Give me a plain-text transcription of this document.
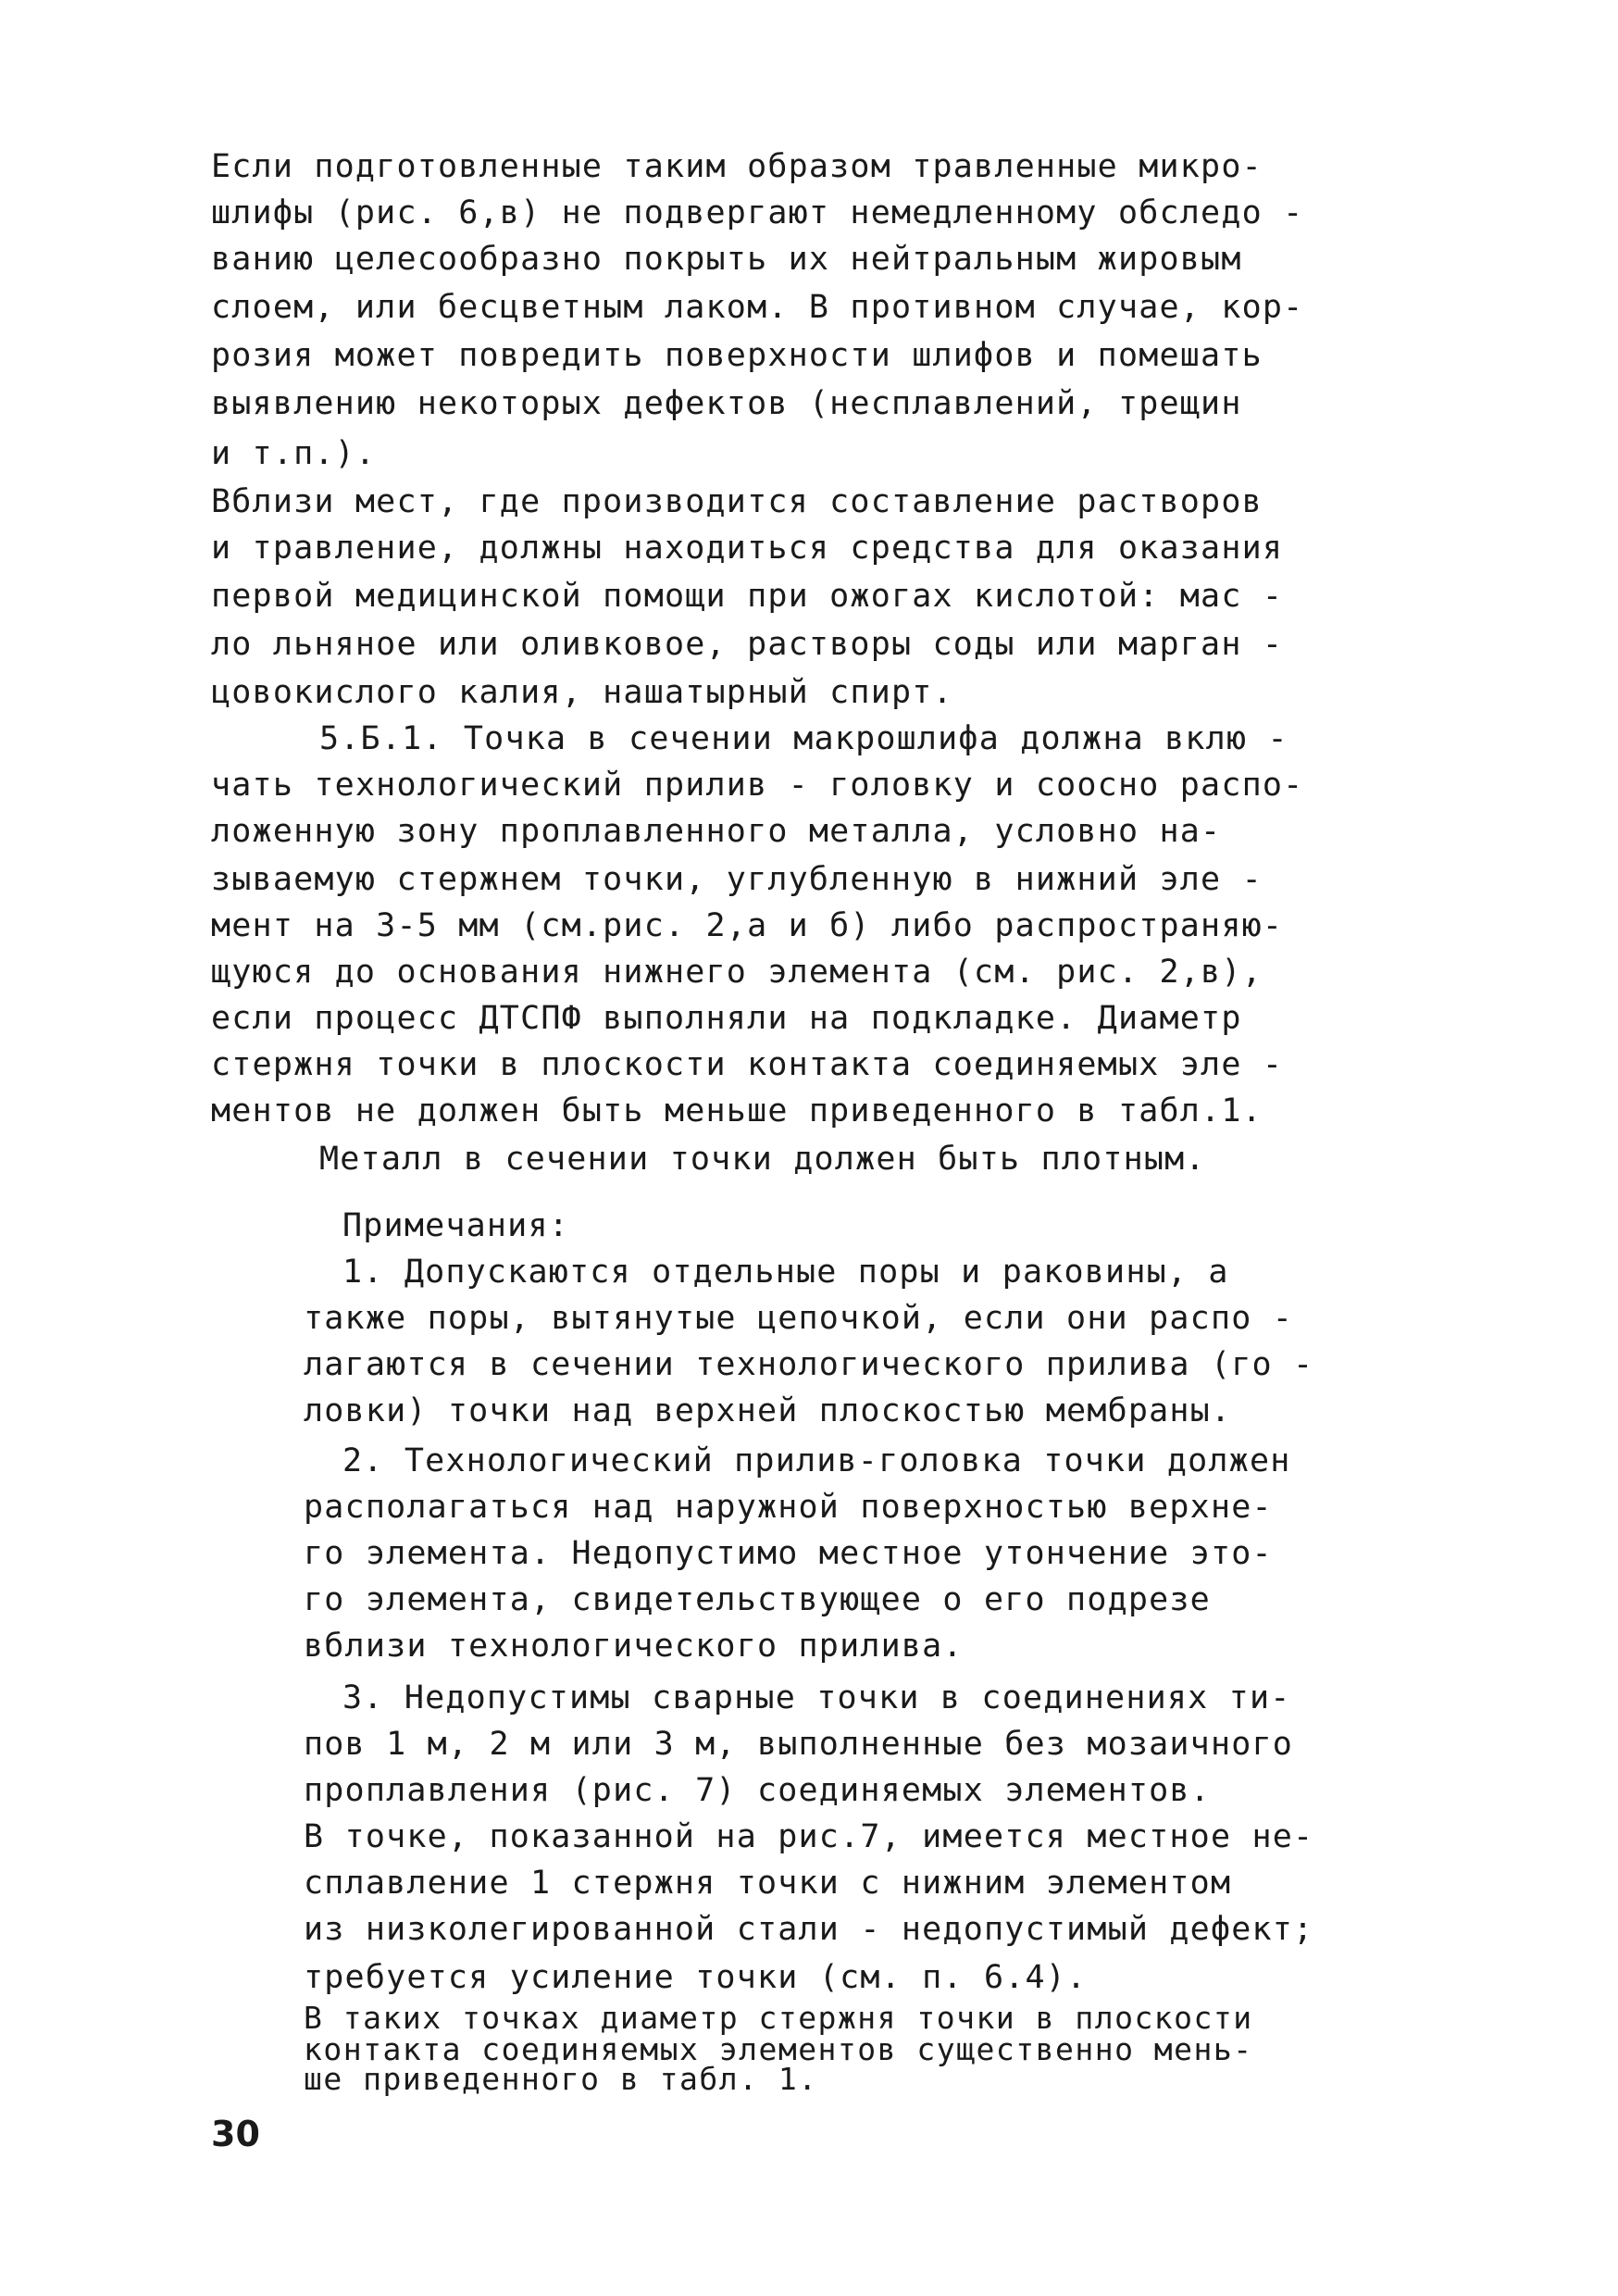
Если подготовленные таким образом травленные микро-
шлифы (рис. 6,в) не подвергают немедленному обследо -
ванию целесообразно покрыть их нейтральным жировым
слоем, или бесцветным лаком. В противном случае, кор-
розия может повредить поверхности шлифов и помешать
выявлению некоторых дефектов (несплавлений, трещин
и т.п.).
Вблизи мест, где производится составление растворов
и травление, должны находиться средства для оказания
первой медицинской помощи при ожогах кислотой: мас -
ло льняное или оливковое, растворы соды или марган -
цовокислого калия, нашатырный спирт.
5.Б.1. Точка в сечении макрошлифа должна вклю -
чать технологический прилив - головку и соосно распо-
ложенную зону проплавленного металла, условно на-
зываемую стержнем точки, углубленную в нижний эле -
мент на 3-5 мм (см.рис. 2,а и б) либо распространяю-
щуюся до основания нижнего элемента (см. рис. 2,в),
если процесс ДТСПФ выполняли на подкладке. Диаметр
стержня точки в плоскости контакта соединяемых эле -
ментов не должен быть меньше приведенного в табл.1.
Металл в сечении точки должен быть плотным.
Примечания:
1. Допускаются отдельные поры и раковины, а
также поры, вытянутые цепочкой, если они распо -
лагаются в сечении технологического прилива (го -
ловки) точки над верхней плоскостью мембраны.
2. Технологический прилив-головка точки должен
располагаться над наружной поверхностью верхне-
го элемента. Недопустимо местное утончение это-
го элемента, свидетельствующее о его подрезе
вблизи технологического прилива.
3. Недопустимы сварные точки в соединениях ти-
пов 1 м, 2 м или 3 м, выполненные без мозаичного
проплавления (рис. 7) соединяемых элементов.
В точке, показанной на рис.7, имеется местное не-
сплавление 1 стержня точки с нижним элементом
из низколегированной стали - недопустимый дефект;
требуется усиление точки (см. п. 6.4).
В таких точках диаметр стержня точки в плоскости
контакта соединяемых элементов существенно мень-
ше приведенного в табл. 1.
30
